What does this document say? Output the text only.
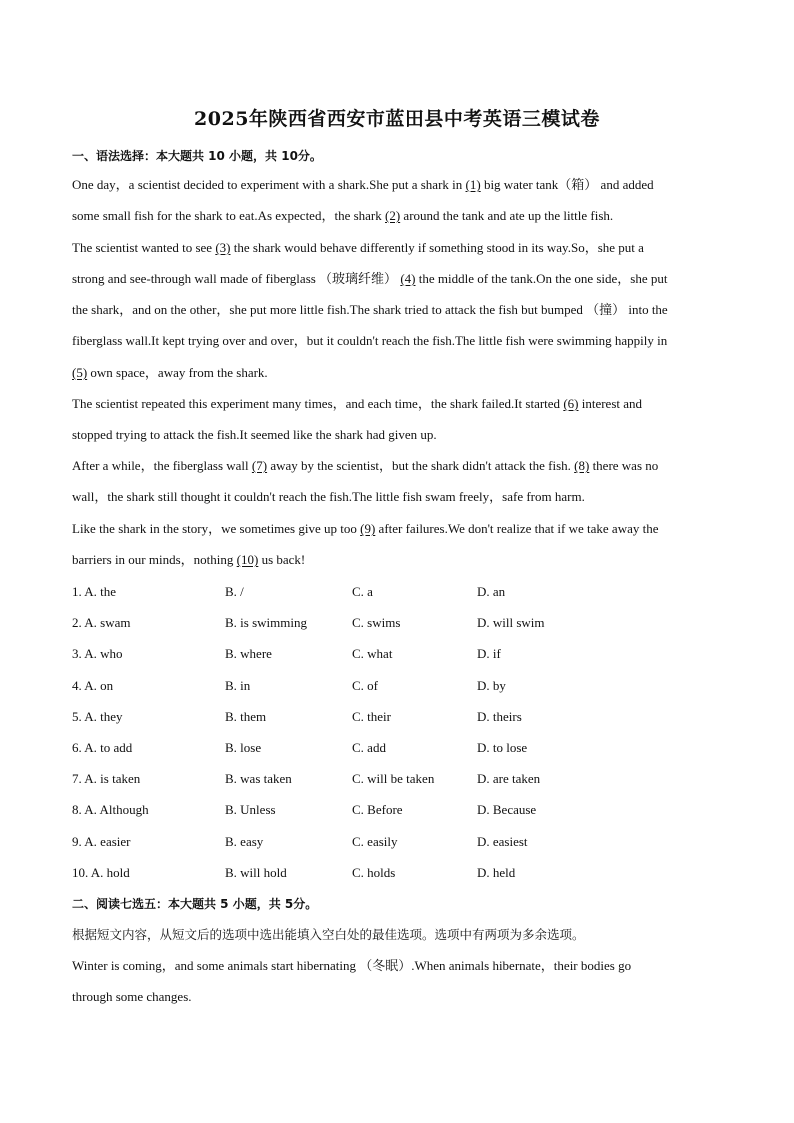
2025年陕西省西安市蓝田县中考英语三模试卷
一、语法选择：本大题共 10 小题，共 10分。
One day，a scientist decided to experiment with a shark.She put a shark in (1) big water tank（箱） and added
some small fish for the shark to eat.As expected，the shark (2) around the tank and ate up the little fish.
The scientist wanted to see (3) the shark would behave differently if something stood in its way.So，she put a
strong and see-through wall made of fiberglass （玻璃纤维） (4) the middle of the tank.On the one side，she put
the shark，and on the other，she put more little fish.The shark tried to attack the fish but bumped （撞） into the
fiberglass wall.It kept trying over and over，but it couldn't reach the fish.The little fish were swimming happily in
(5) own space，away from the shark.
The scientist repeated this experiment many times，and each time，the shark failed.It started (6) interest and
stopped trying to attack the fish.It seemed like the shark had given up.
After a while，the fiberglass wall (7) away by the scientist，but the shark didn't attack the fish. (8) there was no
wall，the shark still thought it couldn't reach the fish.The little fish swam freely，safe from harm.
Like the shark in the story，we sometimes give up too (9) after failures.We don't realize that if we take away the
barriers in our minds，nothing (10) us back!
1. A. the	B. /	C. a	D. an
2. A. swam	B. is swimming	C. swims	D. will swim
3. A. who	B. where	C. what	D. if
4. A. on	B. in	C. of	D. by
5. A. they	B. them	C. their	D. theirs
6. A. to add	B. lose	C. add	D. to lose
7. A. is taken	B. was taken	C. will be taken	D. are taken
8. A. Although	B. Unless	C. Before	D. Because
9. A. easier	B. easy	C. easily	D. easiest
10. A. hold	B. will hold	C. holds	D. held
二、阅读七选五：本大题共 5 小题，共 5分。
根据短文内容，从短文后的选项中选出能填入空白处的最佳选项。选项中有两项为多余选项。
Winter is coming，and some animals start hibernating （冬眠）.When animals hibernate，their bodies go
through some changes.
